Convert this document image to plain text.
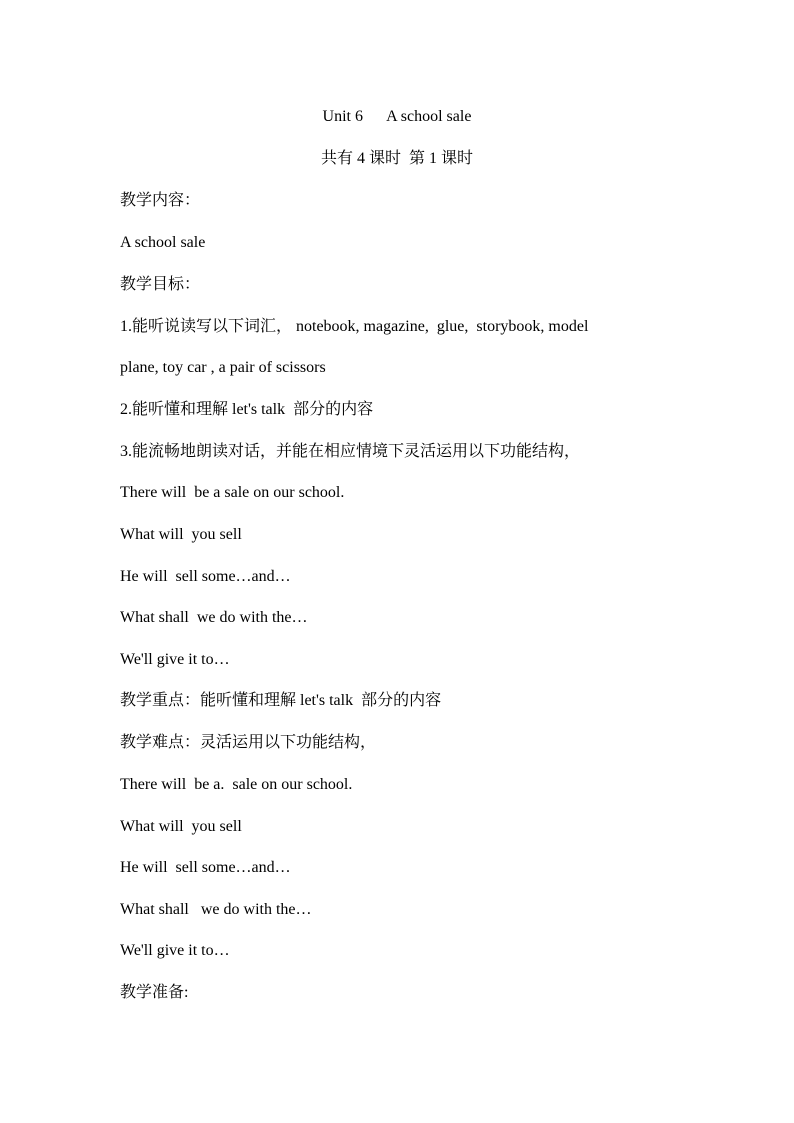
Unit 6      A school sale
共有 4 课时  第 1 课时
教学内容：
A school sale
教学目标：
1.能听说读写以下词汇， notebook, magazine,  glue,  storybook, model
plane, toy car , a pair of scissors
2.能听懂和理解 let's talk  部分的内容
3.能流畅地朗读对话，并能在相应情境下灵活运用以下功能结构，
There will  be a sale on our school.
What will  you sell
He will  sell some…and…
What shall  we do with the…
We'll give it to…
教学重点：能听懂和理解 let's talk  部分的内容
教学难点：灵活运用以下功能结构，
There will  be a.  sale on our school.
What will  you sell
He will  sell some…and…
What shall   we do with the…
We'll give it to…
教学准备:
